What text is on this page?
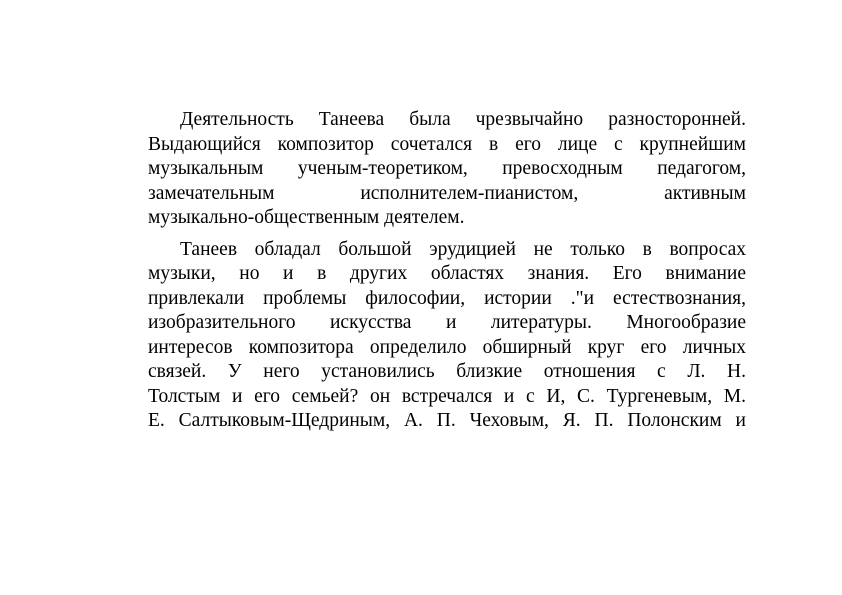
Деятельность Танеева была чрезвычайно разносторонней.
Выдающийся композитор сочетался в его лице с крупнейшим
музыкальным ученым-теоретиком, превосходным педагогом,
замечательным исполнителем-пианистом, активным
музыкально-общественным деятелем.
Танеев обладал большой эрудицией не только в вопросах
музыки, но и в других областях знания. Его внимание
привлекали проблемы философии, истории ."и естествознания,
изобразительного искусства и литературы. Многообразие
интересов композитора определило обширный круг его личных
связей. У него установились близкие отношения с Л. Н.
Толстым и его семьей? он встречался и с И, С. Тургеневым, М.
Е. Салтыковым-Щедриным, А. П. Чеховым, Я. П. Полонским и
